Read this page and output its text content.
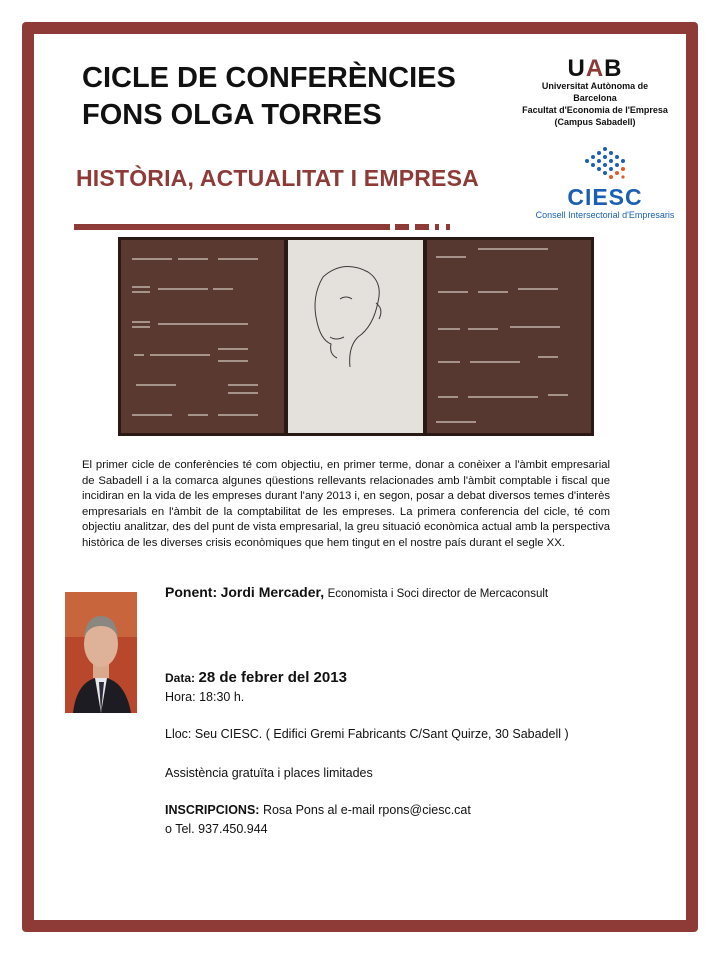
CICLE DE CONFERÈNCIES
FONS OLGA TORRES
HISTÒRIA, ACTUALITAT I EMPRESA
UAB
Universitat Autònoma de Barcelona
Facultat d'Economia de l'Empresa
(Campus Sabadell)
CIESC
Consell Intersectorial d'Empresaris
El primer cicle de conferències té com objectiu, en primer terme, donar a conèixer a l'àmbit empresarial de Sabadell i a la comarca algunes qüestions rellevants relacionades amb l'àmbit comptable i fiscal que incidiran en la vida de les empreses durant l'any 2013 i, en segon, posar a debat diversos temes d'interès empresarials en l'àmbit de la comptabilitat de les empreses. La primera conferencia del cicle, té com objectiu analitzar, des del punt de vista empresarial, la greu situació econòmica actual amb la perspectiva històrica de les diverses crisis econòmiques que hem tingut en el nostre país durant el segle XX.
Ponent: Jordi Mercader, Economista i Soci director de Mercaconsult
Data: 28 de febrer del 2013
Hora: 18:30 h.
Lloc: Seu CIESC. ( Edifici Gremi Fabricants C/Sant Quirze, 30 Sabadell )
Assistència gratuïta i places limitades
INSCRIPCIONS: Rosa Pons al e-mail rpons@ciesc.cat
o Tel. 937.450.944
